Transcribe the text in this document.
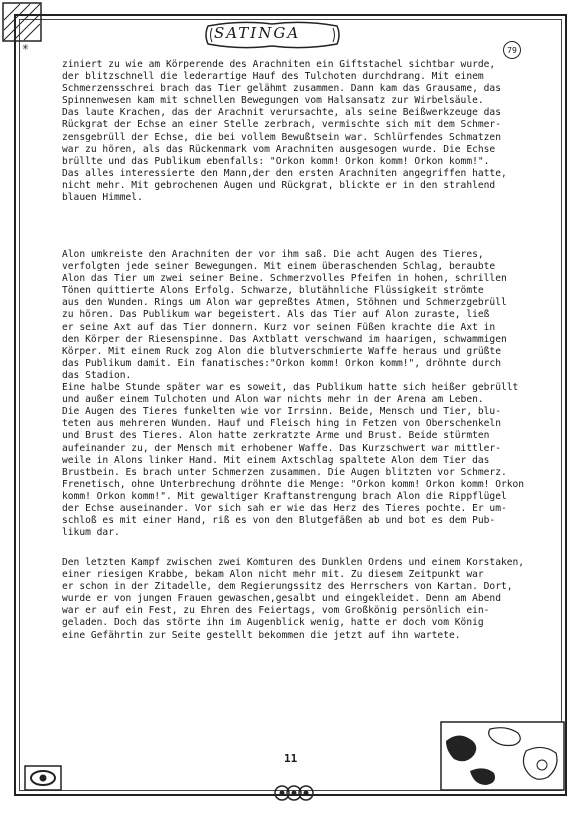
✳
SATINGA
79
ziniert zu wie am Körperende des Arachniten ein Giftstachel sichtbar wurde,
der blitzschnell die lederartige Hauf des Tulchoten durchdrang. Mit einem
Schmerzensschrei brach das Tier gelähmt zusammen. Dann kam das Grausame, das
Spinnenwesen kam mit schnellen Bewegungen vom Halsansatz zur Wirbelsäule.
Das laute Krachen, das der Arachnit verursachte, als seine Beißwerkzeuge das
Rückgrat der Echse an einer Stelle zerbrach, vermischte sich mit dem Schmer-
zensgebrüll der Echse, die bei vollem Bewußtsein war. Schlürfendes Schmatzen
war zu hören, als das Rückenmark vom Arachniten ausgesogen wurde. Die Echse
brüllte und das Publikum ebenfalls: "Orkon komm! Orkon komm! Orkon komm!".
Das alles interessierte den Mann,der den ersten Arachniten angegriffen hatte,
nicht mehr. Mit gebrochenen Augen und Rückgrat, blickte er in den strahlend
blauen Himmel.
Alon umkreiste den Arachniten der vor ihm saß. Die acht Augen des Tieres,
verfolgten jede seiner Bewegungen. Mit einem überaschenden Schlag, beraubte
Alon das Tier um zwei seiner Beine. Schmerzvolles Pfeifen in hohen, schrillen
Tönen quittierte Alons Erfolg. Schwarze, blutähnliche Flüssigkeit strömte
aus den Wunden. Rings um Alon war gepreßtes Atmen, Stöhnen und Schmerzgebrüll
zu hören. Das Publikum war begeistert. Als das Tier auf Alon zuraste, ließ
er seine Axt auf das Tier donnern. Kurz vor seinen Füßen krachte die Axt in
den Körper der Riesenspinne. Das Axtblatt verschwand im haarigen, schwammigen
Körper. Mit einem Ruck zog Alon die blutverschmierte Waffe heraus und grüßte
das Publikum damit. Ein fanatisches:"Orkon komm! Orkon komm!", dröhnte durch
das Stadion.
Eine halbe Stunde später war es soweit, das Publikum hatte sich heißer gebrüllt
und außer einem Tulchoten und Alon war nichts mehr in der Arena am Leben.
Die Augen des Tieres funkelten wie vor Irrsinn. Beide, Mensch und Tier, blu-
teten aus mehreren Wunden. Hauf und Fleisch hing in Fetzen von Oberschenkeln
und Brust des Tieres. Alon hatte zerkratzte Arme und Brust. Beide stürmten
aufeinander zu, der Mensch mit erhobener Waffe. Das Kurzschwert war mittler-
weile in Alons linker Hand. Mit einem Axtschlag spaltete Alon dem Tier das
Brustbein. Es brach unter Schmerzen zusammen. Die Augen blitzten vor Schmerz.
Frenetisch, ohne Unterbrechung dröhnte die Menge: "Orkon komm! Orkon komm! Orkon
komm! Orkon komm!". Mit gewaltiger Kraftanstrengung brach Alon die Rippflügel
der Echse auseinander. Vor sich sah er wie das Herz des Tieres pochte. Er um-
schloß es mit einer Hand, riß es von den Blutgefäßen ab und bot es dem Pub-
likum dar.
Den letzten Kampf zwischen zwei Komturen des Dunklen Ordens und einem Korstaken,
einer riesigen Krabbe, bekam Alon nicht mehr mit. Zu diesem Zeitpunkt war
er schon in der Zitadelle, dem Regierungssitz des Herrschers von Kartan. Dort,
wurde er von jungen Frauen gewaschen,gesalbt und eingekleidet. Denn am Abend
war er auf ein Fest, zu Ehren des Feiertags, vom Großkönig persönlich ein-
geladen. Doch das störte ihn im Augenblick wenig, hatte er doch vom König
eine Gefährtin zur Seite gestellt bekommen die jetzt auf ihn wartete.
11
